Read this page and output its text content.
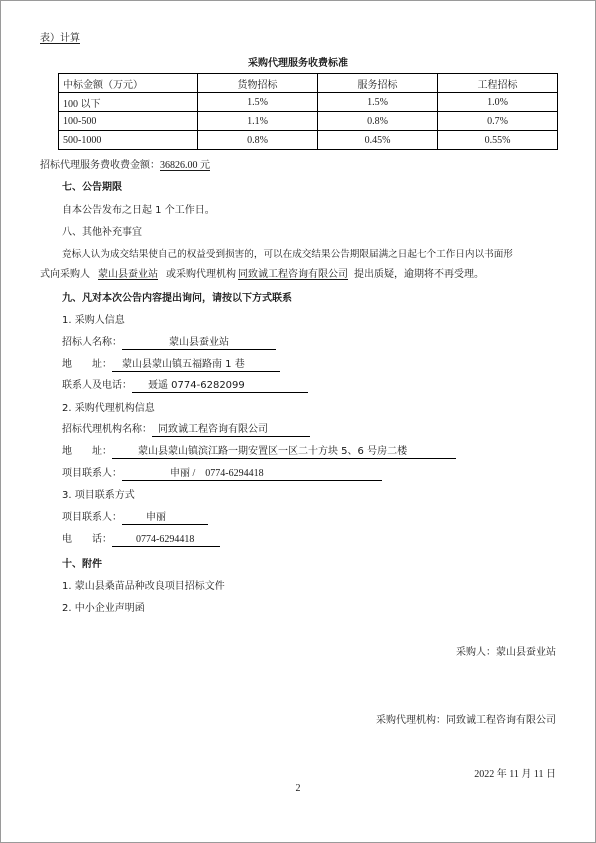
表）计算
采购代理服务收费标准
中标金额（万元）	货物招标	服务招标	工程招标
100 以下	1.5%	1.5%	1.0%
100-500	1.1%	0.8%	0.7%
500-1000	0.8%	0.45%	0.55%
招标代理服务费收费金额：36826.00 元
七、公告期限
自本公告发布之日起 1 个工作日。
八、其他补充事宜
竞标人认为成交结果使自己的权益受到损害的，可以在成交结果公告期限届满之日起七个工作日内以书面形
式向采购人 蒙山县蚕业站 或采购代理机构 同致诚工程咨询有限公司 提出质疑，逾期将不再受理。
九、凡对本次公告内容提出询问，请按以下方式联系
1. 采购人信息
招标人名称：	蒙山县蚕业站
地　　址： 蒙山县蒙山镇五福路南 1 巷
联系人及电话： 聂遥 0774-6282099
2. 采购代理机构信息
招标代理机构名称： 同致诚工程咨询有限公司
地　　址：	蒙山县蒙山镇滨江路一期安置区一区二十方块 5、6 号房二楼
项目联系人：	申丽 /　0774-6294418
3. 项目联系方式
项目联系人： 申丽
电　　话： 0774-6294418
十、附件
1. 蒙山县桑苗品种改良项目招标文件
2. 中小企业声明函
采购人：蒙山县蚕业站
采购代理机构：同致诚工程咨询有限公司
2022 年 11 月 11 日
2
